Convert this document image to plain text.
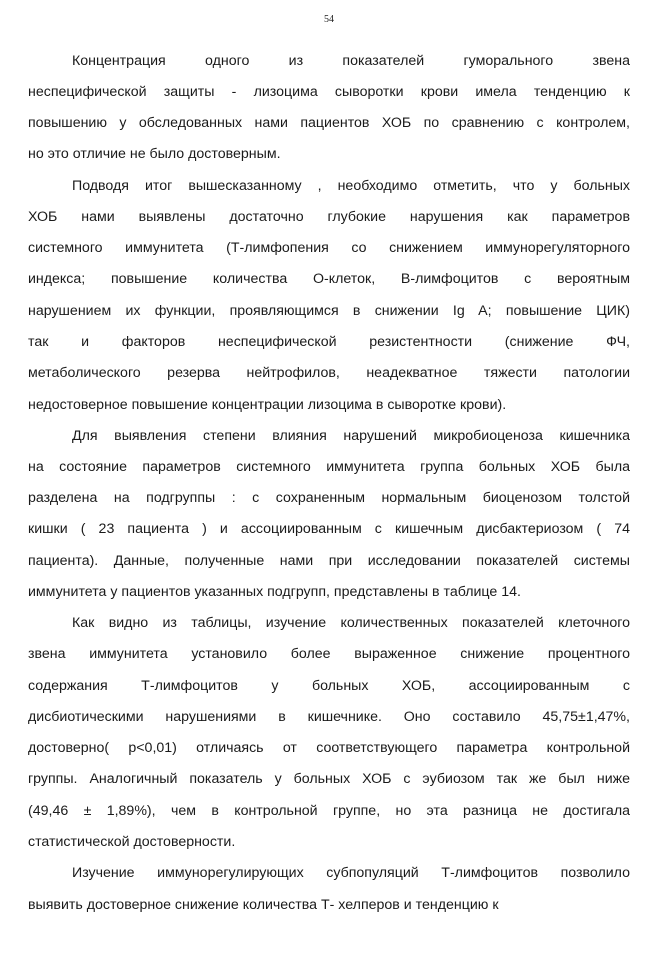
54
Концентрация одного из показателей гуморального звена
неспецифической защиты - лизоцима сыворотки крови имела тенденцию к
повышению у обследованных нами пациентов ХОБ по сравнению с контролем,
но это отличие не было достоверным.
Подводя итог вышесказанному , необходимо отметить, что у больных
ХОБ нами выявлены достаточно глубокие нарушения как параметров
системного иммунитета (Т-лимфопения со снижением иммунорегуляторного
индекса; повышение количества О-клеток, В-лимфоцитов с вероятным
нарушением их функции, проявляющимся в снижении Ig A; повышение ЦИК)
так и факторов неспецифической резистентности (снижение ФЧ,
метаболического резерва нейтрофилов, неадекватное тяжести патологии
недостоверное повышение концентрации лизоцима в сыворотке крови).
Для выявления степени влияния нарушений микробиоценоза кишечника
на состояние параметров системного иммунитета группа больных ХОБ была
разделена на подгруппы : с сохраненным нормальным биоценозом толстой
кишки ( 23 пациента ) и ассоциированным с кишечным дисбактериозом ( 74
пациента). Данные, полученные нами при исследовании показателей системы
иммунитета у пациентов указанных подгрупп, представлены в таблице 14.
Как видно из таблицы, изучение количественных показателей клеточного
звена иммунитета установило более выраженное снижение процентного
содержания Т-лимфоцитов у больных ХОБ, ассоциированным с
дисбиотическими нарушениями в кишечнике. Оно составило 45,75±1,47%,
достоверно( p<0,01) отличаясь от соответствующего параметра контрольной
группы. Аналогичный показатель у больных ХОБ с эубиозом так же был ниже
(49,46 ± 1,89%), чем в контрольной группе, но эта разница не достигала
статистической достоверности.
Изучение иммунорегулирующих субпопуляций Т-лимфоцитов позволило
выявить достоверное снижение количества Т- хелперов и тенденцию к
